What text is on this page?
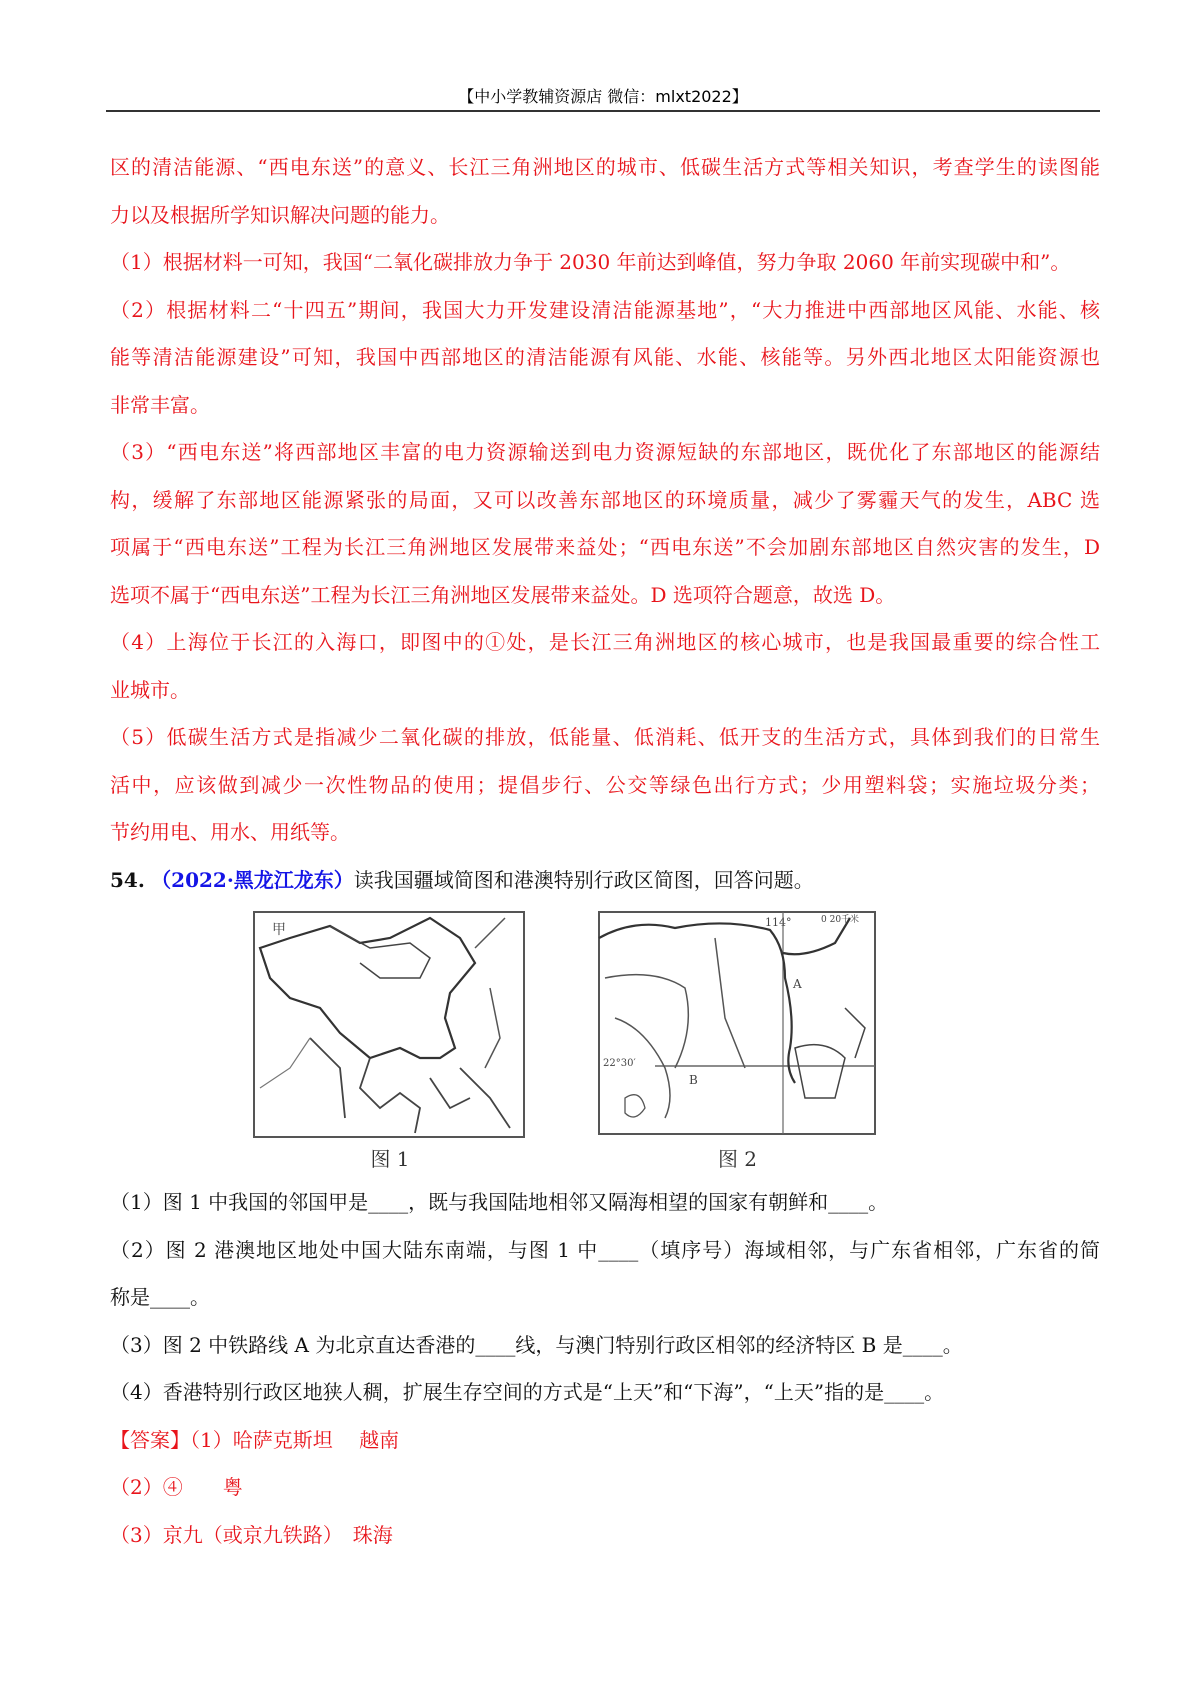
【中小学教辅资源店 微信：mlxt2022】
区的清洁能源、“西电东送”的意义、长江三角洲地区的城市、低碳生活方式等相关知识，考查学生的读图能
力以及根据所学知识解决问题的能力。
（1）根据材料一可知，我国“二氧化碳排放力争于 2030 年前达到峰值，努力争取 2060 年前实现碳中和”。
（2）根据材料二“十四五”期间，我国大力开发建设清洁能源基地”，“大力推进中西部地区风能、水能、核
能等清洁能源建设”可知，我国中西部地区的清洁能源有风能、水能、核能等。另外西北地区太阳能资源也
非常丰富。
（3）“西电东送”将西部地区丰富的电力资源输送到电力资源短缺的东部地区，既优化了东部地区的能源结
构，缓解了东部地区能源紧张的局面，又可以改善东部地区的环境质量，减少了雾霾天气的发生，ABC 选
项属于“西电东送”工程为长江三角洲地区发展带来益处；“西电东送”不会加剧东部地区自然灾害的发生，D
选项不属于“西电东送”工程为长江三角洲地区发展带来益处。D 选项符合题意，故选 D。
（4）上海位于长江的入海口，即图中的①处，是长江三角洲地区的核心城市，也是我国最重要的综合性工
业城市。
（5）低碳生活方式是指减少二氧化碳的排放，低能量、低消耗、低开支的生活方式，具体到我们的日常生
活中，应该做到减少一次性物品的使用；提倡步行、公交等绿色出行方式；少用塑料袋；实施垃圾分类；
节约用电、用水、用纸等。
54. （2022·黑龙江龙东）读我国疆域简图和港澳特别行政区简图，回答问题。
甲
图 1
114°	0 20千米
A
B
22°30′
图 2
（1）图 1 中我国的邻国甲是____，既与我国陆地相邻又隔海相望的国家有朝鲜和____。
（2）图 2 港澳地区地处中国大陆东南端，与图 1 中____（填序号）海域相邻，与广东省相邻，广东省的简
称是____。
（3）图 2 中铁路线 A 为北京直达香港的____线，与澳门特别行政区相邻的经济特区 B 是____。
（4）香港特别行政区地狭人稠，扩展生存空间的方式是“上天”和“下海”，“上天”指的是____。
【答案】（1）哈萨克斯坦　 越南
（2）④　　粤
（3）京九（或京九铁路）　珠海
